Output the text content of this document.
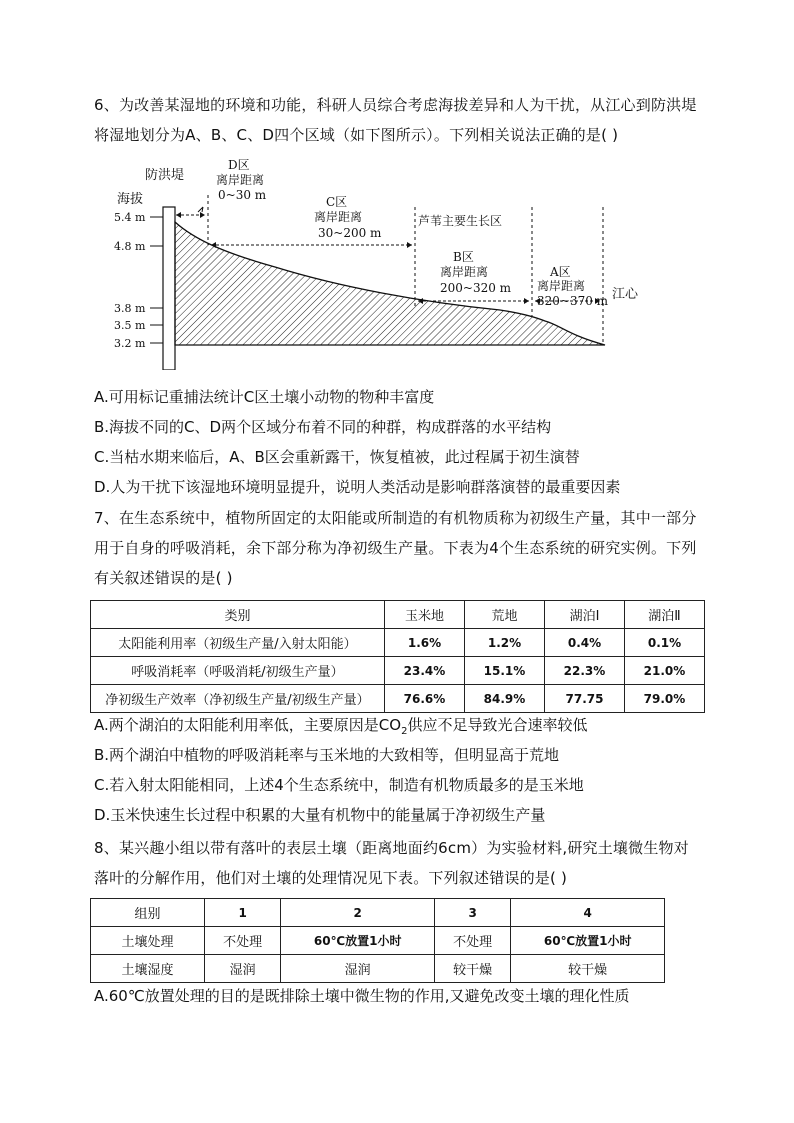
6、为改善某湿地的环境和功能，科研人员综合考虑海拔差异和人为干扰，从江心到防洪堤将湿地划分为A、B、C、D四个区域（如下图所示）。下列相关说法正确的是( )
防洪堤
海拔
5.4 m
4.8 m
3.8 m
3.5 m
3.2 m
D区
离岸距离
0~30 m	C区
离岸距离
30~200 m
芦苇主要生长区
B区
离岸距离
200~320 m
A区
离岸距离
320~370 m 江心
A.可用标记重捕法统计C区土壤小动物的物种丰富度
B.海拔不同的C、D两个区域分布着不同的种群，构成群落的水平结构
C.当枯水期来临后，A、B区会重新露干，恢复植被，此过程属于初生演替
D.人为干扰下该湿地环境明显提升，说明人类活动是影响群落演替的最重要因素
7、在生态系统中，植物所固定的太阳能或所制造的有机物质称为初级生产量，其中一部分用于自身的呼吸消耗，余下部分称为净初级生产量。下表为4个生态系统的研究实例。下列有关叙述错误的是( )
类别	玉米地	荒地	湖泊Ⅰ	湖泊Ⅱ
太阳能利用率（初级生产量/入射太阳能）	1.6%	1.2%	0.4%	0.1%
呼吸消耗率（呼吸消耗/初级生产量）	23.4%	15.1%	22.3%	21.0%
净初级生产效率（净初级生产量/初级生产量）	76.6%	84.9%	77.75	79.0%
A.两个湖泊的太阳能利用率低，主要原因是$CO_2$供应不足导致光合速率较低
B.两个湖泊中植物的呼吸消耗率与玉米地的大致相等，但明显高于荒地
C.若入射太阳能相同，上述4个生态系统中，制造有机物质最多的是玉米地
D.玉米快速生长过程中积累的大量有机物中的能量属于净初级生产量
8、某兴趣小组以带有落叶的表层土壤（距离地面约6cm）为实验材料,研究土壤微生物对落叶的分解作用，他们对土壤的处理情况见下表。下列叙述错误的是( )
组别	1	2	3	4
土壤处理	不处理	60℃放置1小时	不处理	60℃放置1小时
土壤湿度	湿润	湿润	较干燥	较干燥
A.60℃放置处理的目的是既排除土壤中微生物的作用,又避免改变土壤的理化性质
